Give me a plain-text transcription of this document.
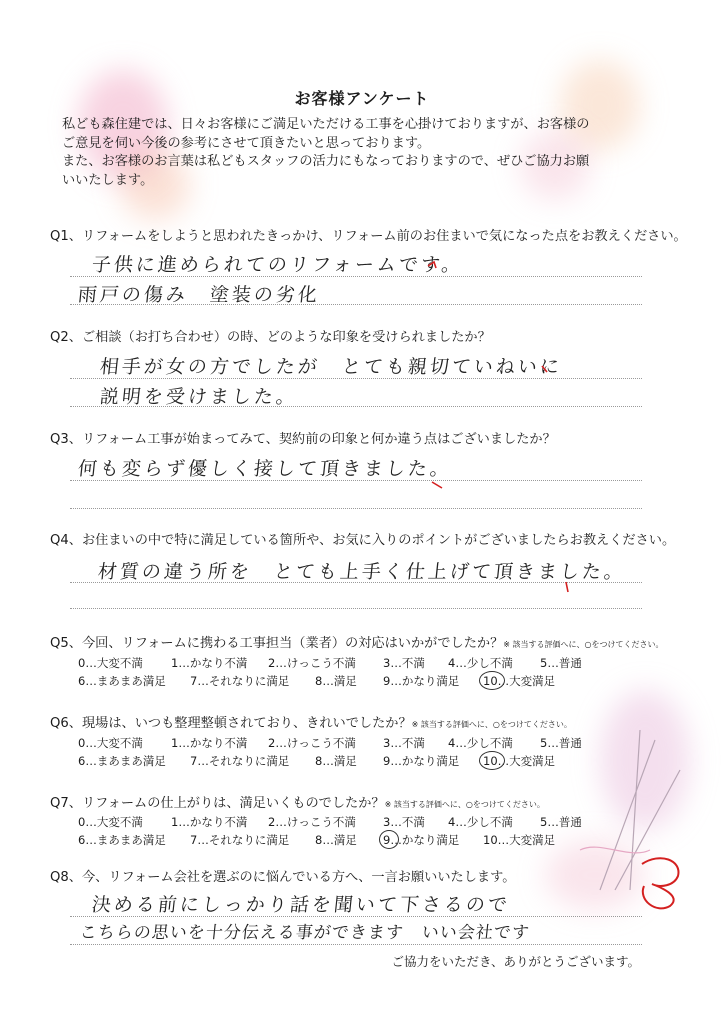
お客様アンケート
私ども森住建では、日々お客様にご満足いただける工事を心掛けておりますが、お客様の
ご意見を伺い今後の参考にさせて頂きたいと思っております。
また、お客様のお言葉は私どもスタッフの活力にもなっておりますので、ぜひご協力お願
いいたします。
Q1、リフォームをしようと思われたきっかけ、リフォーム前のお住まいで気になった点をお教えください。
子供に進められてのリフォームです。
雨戸の傷み　塗装の劣化
Q2、ご相談（お打ち合わせ）の時、どのような印象を受けられましたか？
相手が女の方でしたが　とても親切ていねいに
説明を受けました。
Q3、リフォーム工事が始まってみて、契約前の印象と何か違う点はございましたか？
何も変らず優しく接して頂きました。
Q4、お住まいの中で特に満足している箇所や、お気に入りのポイントがございましたらお教えください。
材質の違う所を　とても上手く仕上げて頂きました。
Q5、今回、リフォームに携わる工事担当（業者）の対応はいかがでしたか？※ 該当する評価へに、○をつけてください。
0…大変不満 1…かなり不満 2…けっこう不満 3…不満 4…少し不満 5…普通
6…まあまあ満足 7…それなりに満足 8…満足 9…かなり満足 10…大変満足
Q6、現場は、いつも整理整頓されており、きれいでしたか？※ 該当する評価へに、○をつけてください。
0…大変不満 1…かなり不満 2…けっこう不満 3…不満 4…少し不満 5…普通
6…まあまあ満足 7…それなりに満足 8…満足 9…かなり満足 10…大変満足
Q7、リフォームの仕上がりは、満足いくものでしたか？※ 該当する評価へに、○をつけてください。
0…大変不満 1…かなり不満 2…けっこう不満 3…不満 4…少し不満 5…普通
6…まあまあ満足 7…それなりに満足 8…満足 9…かなり満足 10…大変満足
Q8、今、リフォーム会社を選ぶのに悩んでいる方へ、一言お願いいたします。
決める前にしっかり話を聞いて下さるので
こちらの思いを十分伝える事ができます　いい会社です
ご協力をいただき、ありがとうございます。
